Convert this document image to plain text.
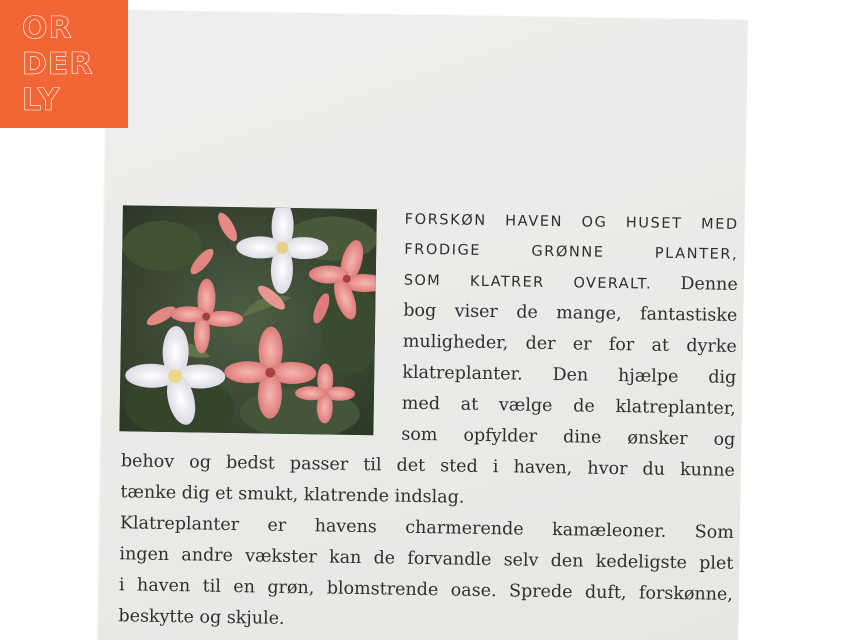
FORSKØN HAVEN OG HUSET MED
FRODIGE GRØNNE PLANTER,
SOM KLATRER OVERALT. Denne
bog viser de mange, fantastiske
muligheder, der er for at dyrke
klatreplanter. Den hjælpe dig
med at vælge de klatreplanter,
som opfylder dine ønsker og
behov og bedst passer til det sted i haven, hvor du kunne
tænke dig et smukt, klatrende indslag.
Klatreplanter er havens charmerende kamæleoner. Som
ingen andre vækster kan de forvandle selv den kedeligste plet
i haven til en grøn, blomstrende oase. Sprede duft, forskønne,
beskytte og skjule.
OR
DER
LY
